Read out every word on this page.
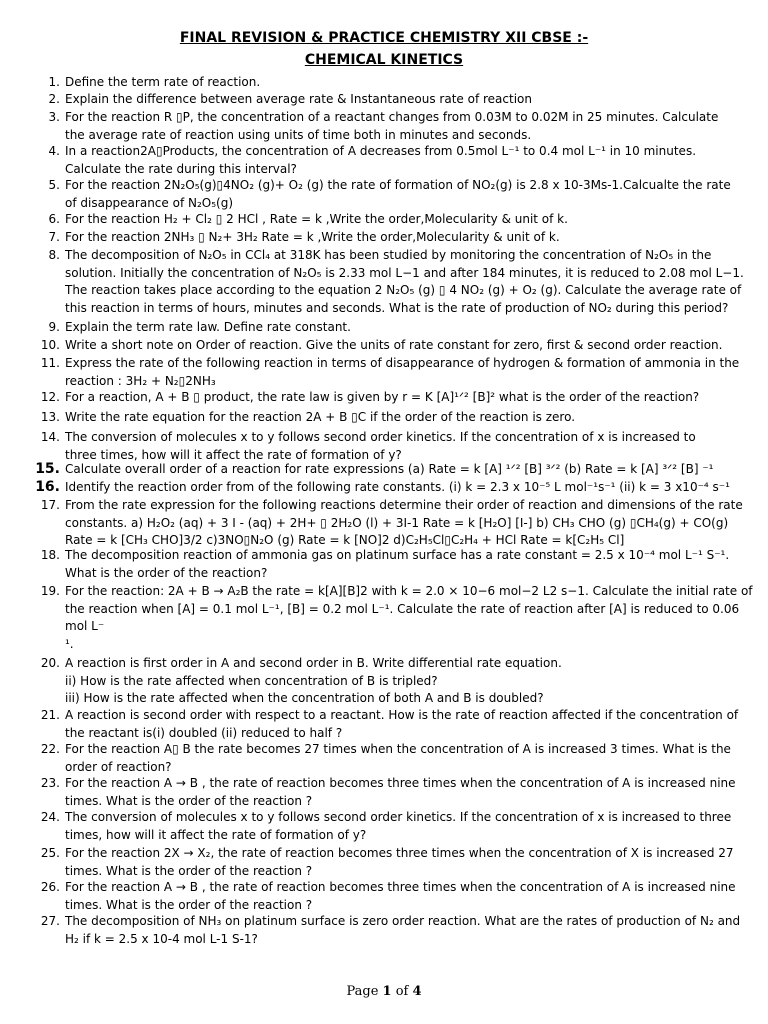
FINAL REVISION & PRACTICE CHEMISTRY XII CBSE :-
CHEMICAL KINETICS
1. Define the term rate of reaction.
2. Explain the difference between average rate & Instantaneous rate of reaction
3. For the reaction R ▯P, the concentration of a reactant changes from 0.03M to 0.02M in 25 minutes. Calculate
the average rate of reaction using units of time both in minutes and seconds.
4. In a reaction2A▯Products, the concentration of A decreases from 0.5mol L⁻¹ to 0.4 mol L⁻¹ in 10 minutes.
Calculate the rate during this interval?
5. For the reaction 2N₂O₅(g)▯4NO₂ (g)+ O₂ (g) the rate of formation of NO₂(g) is 2.8 x 10-3Ms-1.Calcualte the rate
of disappearance of N₂O₅(g)
6. For the reaction H₂ + Cl₂ ▯ 2 HCl , Rate = k ,Write the order,Molecularity & unit of k.
7. For the reaction 2NH₃ ▯ N₂+ 3H₂ Rate = k ,Write the order,Molecularity & unit of k.
8. The decomposition of N₂O₅ in CCl₄ at 318K has been studied by monitoring the concentration of N₂O₅ in the
solution. Initially the concentration of N₂O₅ is 2.33 mol L−1 and after 184 minutes, it is reduced to 2.08 mol L−1.
The reaction takes place according to the equation 2 N₂O₅ (g) ▯ 4 NO₂ (g) + O₂ (g). Calculate the average rate of
this reaction in terms of hours, minutes and seconds. What is the rate of production of NO₂ during this period?
9. Explain the term rate law. Define rate constant.
10. Write a short note on Order of reaction. Give the units of rate constant for zero, first & second order reaction.
11. Express the rate of the following reaction in terms of disappearance of hydrogen & formation of ammonia in the
reaction : 3H₂ + N₂▯2NH₃
12. For a reaction, A + B ▯ product, the rate law is given by r = K [A]¹ᐟ² [B]² what is the order of the reaction?
13. Write the rate equation for the reaction 2A + B ▯C if the order of the reaction is zero.
14. The conversion of molecules x to y follows second order kinetics. If the concentration of x is increased to
three times, how will it affect the rate of formation of y?
15. Calculate overall order of a reaction for rate expressions (a) Rate = k [A] ¹ᐟ² [B] ³ᐟ² (b) Rate = k [A] ³ᐟ² [B] ⁻¹
16. Identify the reaction order from of the following rate constants. (i) k = 2.3 x 10⁻⁵ L mol⁻¹s⁻¹ (ii) k = 3 x10⁻⁴ s⁻¹
17. From the rate expression for the following reactions determine their order of reaction and dimensions of the rate
constants. a) H₂O₂ (aq) + 3 I - (aq) + 2H+ ▯ 2H₂O (l) + 3I-1 Rate = k [H₂O] [I-] b) CH₃ CHO (g) ▯CH₄(g) + CO(g)
Rate = k [CH₃ CHO]3/2 c)3NO▯N₂O (g) Rate = k [NO]2 d)C₂H₅Cl▯C₂H₄ + HCl Rate = k[C₂H₅ Cl]
18. The decomposition reaction of ammonia gas on platinum surface has a rate constant = 2.5 x 10⁻⁴ mol L⁻¹ S⁻¹.
What is the order of the reaction?
19. For the reaction: 2A + B → A₂B the rate = k[A][B]2 with k = 2.0 × 10−6 mol−2 L2 s−1. Calculate the initial rate of
the reaction when [A] = 0.1 mol L⁻¹, [B] = 0.2 mol L⁻¹. Calculate the rate of reaction after [A] is reduced to 0.06
mol L⁻
¹.
20. A reaction is first order in A and second order in B. Write differential rate equation.
ii) How is the rate affected when concentration of B is tripled?
iii) How is the rate affected when the concentration of both A and B is doubled?
21. A reaction is second order with respect to a reactant. How is the rate of reaction affected if the concentration of
the reactant is(i) doubled (ii) reduced to half ?
22. For the reaction A▯ B the rate becomes 27 times when the concentration of A is increased 3 times. What is the
order of reaction?
23. For the reaction A → B , the rate of reaction becomes three times when the concentration of A is increased nine
times. What is the order of the reaction ?
24. The conversion of molecules x to y follows second order kinetics. If the concentration of x is increased to three
times, how will it affect the rate of formation of y?
25. For the reaction 2X → X₂, the rate of reaction becomes three times when the concentration of X is increased 27
times. What is the order of the reaction ?
26. For the reaction A → B , the rate of reaction becomes three times when the concentration of A is increased nine
times. What is the order of the reaction ?
27. The decomposition of NH₃ on platinum surface is zero order reaction. What are the rates of production of N₂ and
H₂ if k = 2.5 x 10-4 mol L-1 S-1?
Page 1 of 4
